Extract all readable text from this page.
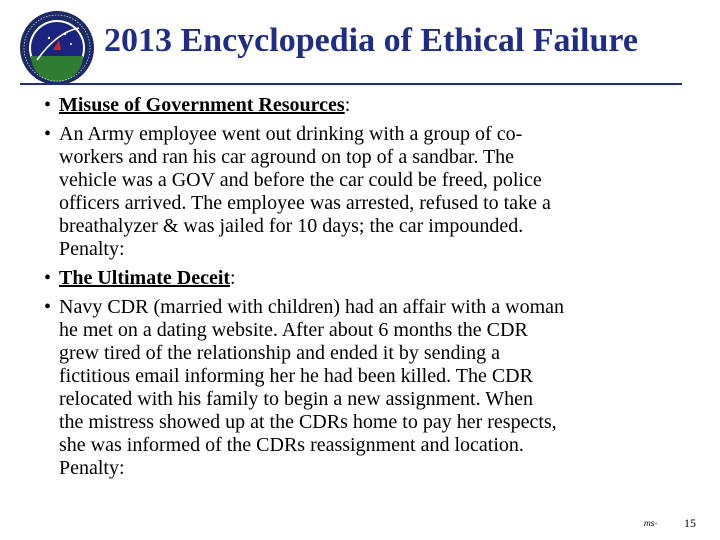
2013 Encyclopedia of Ethical Failure

• Misuse of Government Resources:

• An Army employee went out drinking with a group of co-
workers and ran his car aground on top of a sandbar. The
vehicle was a GOV and before the car could be freed, police
officers arrived. The employee was arrested, refused to take a
breathalyzer & was jailed for 10 days; the car impounded.
Penalty:

• The Ultimate Deceit:

• Navy CDR (married with children) had an affair with a woman
he met on a dating website. After about 6 months the CDR
grew tired of the relationship and ended it by sending a
fictitious email informing her he had been killed. The CDR
relocated with his family to begin a new assignment. When
the mistress showed up at the CDRs home to pay her respects,
she was informed of the CDRs reassignment and location.
Penalty:

ms- 15
